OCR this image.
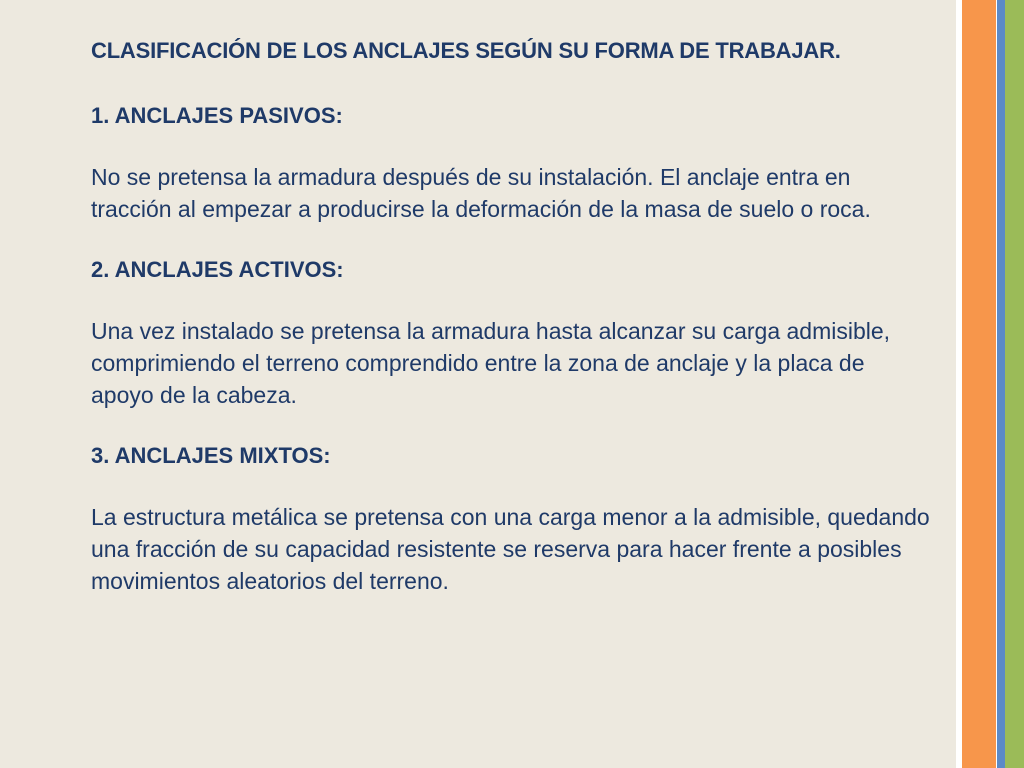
CLASIFICACIÓN DE LOS ANCLAJES SEGÚN SU FORMA DE TRABAJAR.
1. ANCLAJES PASIVOS:
No se pretensa la armadura después de su instalación. El anclaje entra en tracción al empezar a producirse la deformación de la masa de suelo o roca.
2. ANCLAJES ACTIVOS:
Una vez instalado se pretensa la armadura hasta alcanzar su carga admisible, comprimiendo el terreno comprendido entre la zona de anclaje y la placa de apoyo de la cabeza.
3. ANCLAJES MIXTOS:
La estructura metálica se pretensa con una carga menor a la admisible, quedando una fracción de su capacidad resistente se reserva para hacer frente a posibles movimientos aleatorios del terreno.
